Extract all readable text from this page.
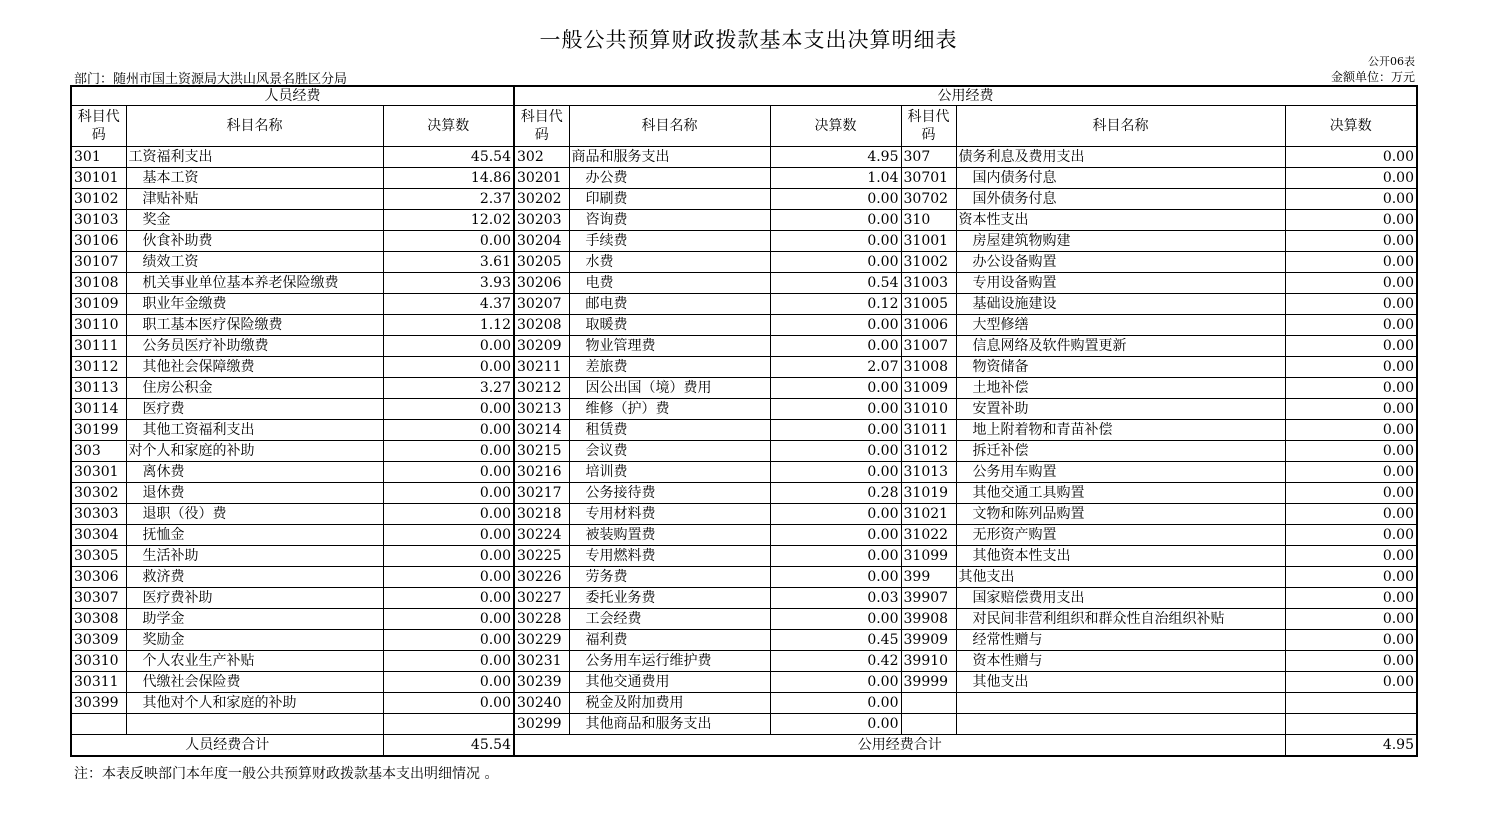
一般公共预算财政拨款基本支出决算明细表
公开06表
部门：随州市国土资源局大洪山风景名胜区分局	金额单位：万元
人员经费			公用经费					
科目代码	科目名称	决算数	科目代码	科目名称	决算数	科目代码	科目名称	决算数
301	工资福利支出	45.54	302	商品和服务支出	4.95	307	债务利息及费用支出	0.00
30101	基本工资	14.86	30201	办公费	1.04	30701	国内债务付息	0.00
30102	津贴补贴	2.37	30202	印刷费	0.00	30702	国外债务付息	0.00
30103	奖金	12.02	30203	咨询费	0.00	310	资本性支出	0.00
30106	伙食补助费	0.00	30204	手续费	0.00	31001	房屋建筑物购建	0.00
30107	绩效工资	3.61	30205	水费	0.00	31002	办公设备购置	0.00
30108	机关事业单位基本养老保险缴费	3.93	30206	电费	0.54	31003	专用设备购置	0.00
30109	职业年金缴费	4.37	30207	邮电费	0.12	31005	基础设施建设	0.00
30110	职工基本医疗保险缴费	1.12	30208	取暖费	0.00	31006	大型修缮	0.00
30111	公务员医疗补助缴费	0.00	30209	物业管理费	0.00	31007	信息网络及软件购置更新	0.00
30112	其他社会保障缴费	0.00	30211	差旅费	2.07	31008	物资储备	0.00
30113	住房公积金	3.27	30212	因公出国（境）费用	0.00	31009	土地补偿	0.00
30114	医疗费	0.00	30213	维修（护）费	0.00	31010	安置补助	0.00
30199	其他工资福利支出	0.00	30214	租赁费	0.00	31011	地上附着物和青苗补偿	0.00
303	对个人和家庭的补助	0.00	30215	会议费	0.00	31012	拆迁补偿	0.00
30301	离休费	0.00	30216	培训费	0.00	31013	公务用车购置	0.00
30302	退休费	0.00	30217	公务接待费	0.28	31019	其他交通工具购置	0.00
30303	退职（役）费	0.00	30218	专用材料费	0.00	31021	文物和陈列品购置	0.00
30304	抚恤金	0.00	30224	被装购置费	0.00	31022	无形资产购置	0.00
30305	生活补助	0.00	30225	专用燃料费	0.00	31099	其他资本性支出	0.00
30306	救济费	0.00	30226	劳务费	0.00	399	其他支出	0.00
30307	医疗费补助	0.00	30227	委托业务费	0.03	39907	国家赔偿费用支出	0.00
30308	助学金	0.00	30228	工会经费	0.00	39908	对民间非营利组织和群众性自治组织补贴	0.00
30309	奖励金	0.00	30229	福利费	0.45	39909	经常性赠与	0.00
30310	个人农业生产补贴	0.00	30231	公务用车运行维护费	0.42	39910	资本性赠与	0.00
30311	代缴社会保险费	0.00	30239	其他交通费用	0.00	39999	其他支出	0.00
30399	其他对个人和家庭的补助	0.00	30240	税金及附加费用	0.00			
			30299	其他商品和服务支出	0.00			
人员经费合计		45.54	公用经费合计					4.95
注：本表反映部门本年度一般公共预算财政拨款基本支出明细情况 。
